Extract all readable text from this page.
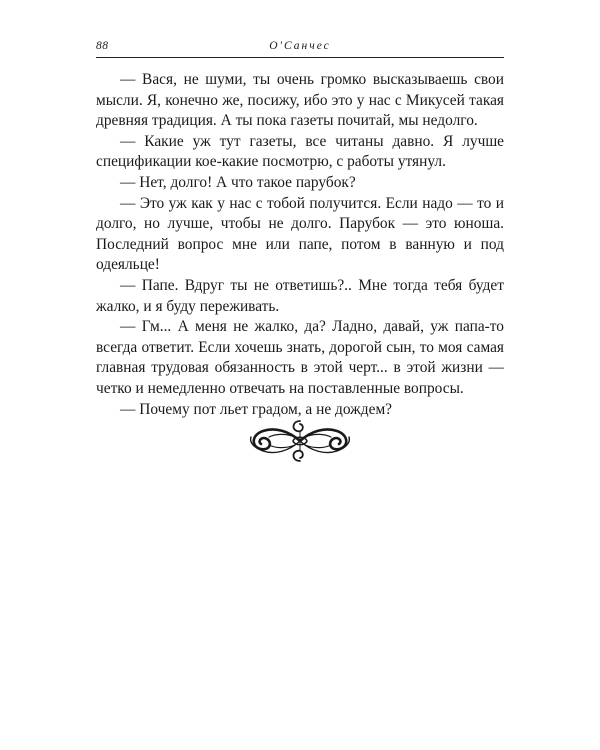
88	О'Санчес

— Вася, не шуми, ты очень громко высказываешь свои мысли. Я, конечно же, посижу, ибо это у нас с Микусей такая древняя традиция. А ты пока газеты почитай, мы недолго.

— Какие уж тут газеты, все читаны давно. Я лучше спецификации кое-какие посмотрю, с работы утянул.

— Нет, долго! А что такое парубок?

— Это уж как у нас с тобой получится. Если надо — то и долго, но лучше, чтобы не долго. Парубок — это юноша. Последний вопрос мне или папе, потом в ванную и под одеяльце!

— Папе. Вдруг ты не ответишь?.. Мне тогда тебя будет жалко, и я буду переживать.

— Гм... А меня не жалко, да? Ладно, давай, уж папа-то всегда ответит. Если хочешь знать, дорогой сын, то моя самая главная трудовая обязанность в этой черт... в этой жизни — четко и немедленно отвечать на поставленные вопросы.

— Почему пот льет градом, а не дождем?
